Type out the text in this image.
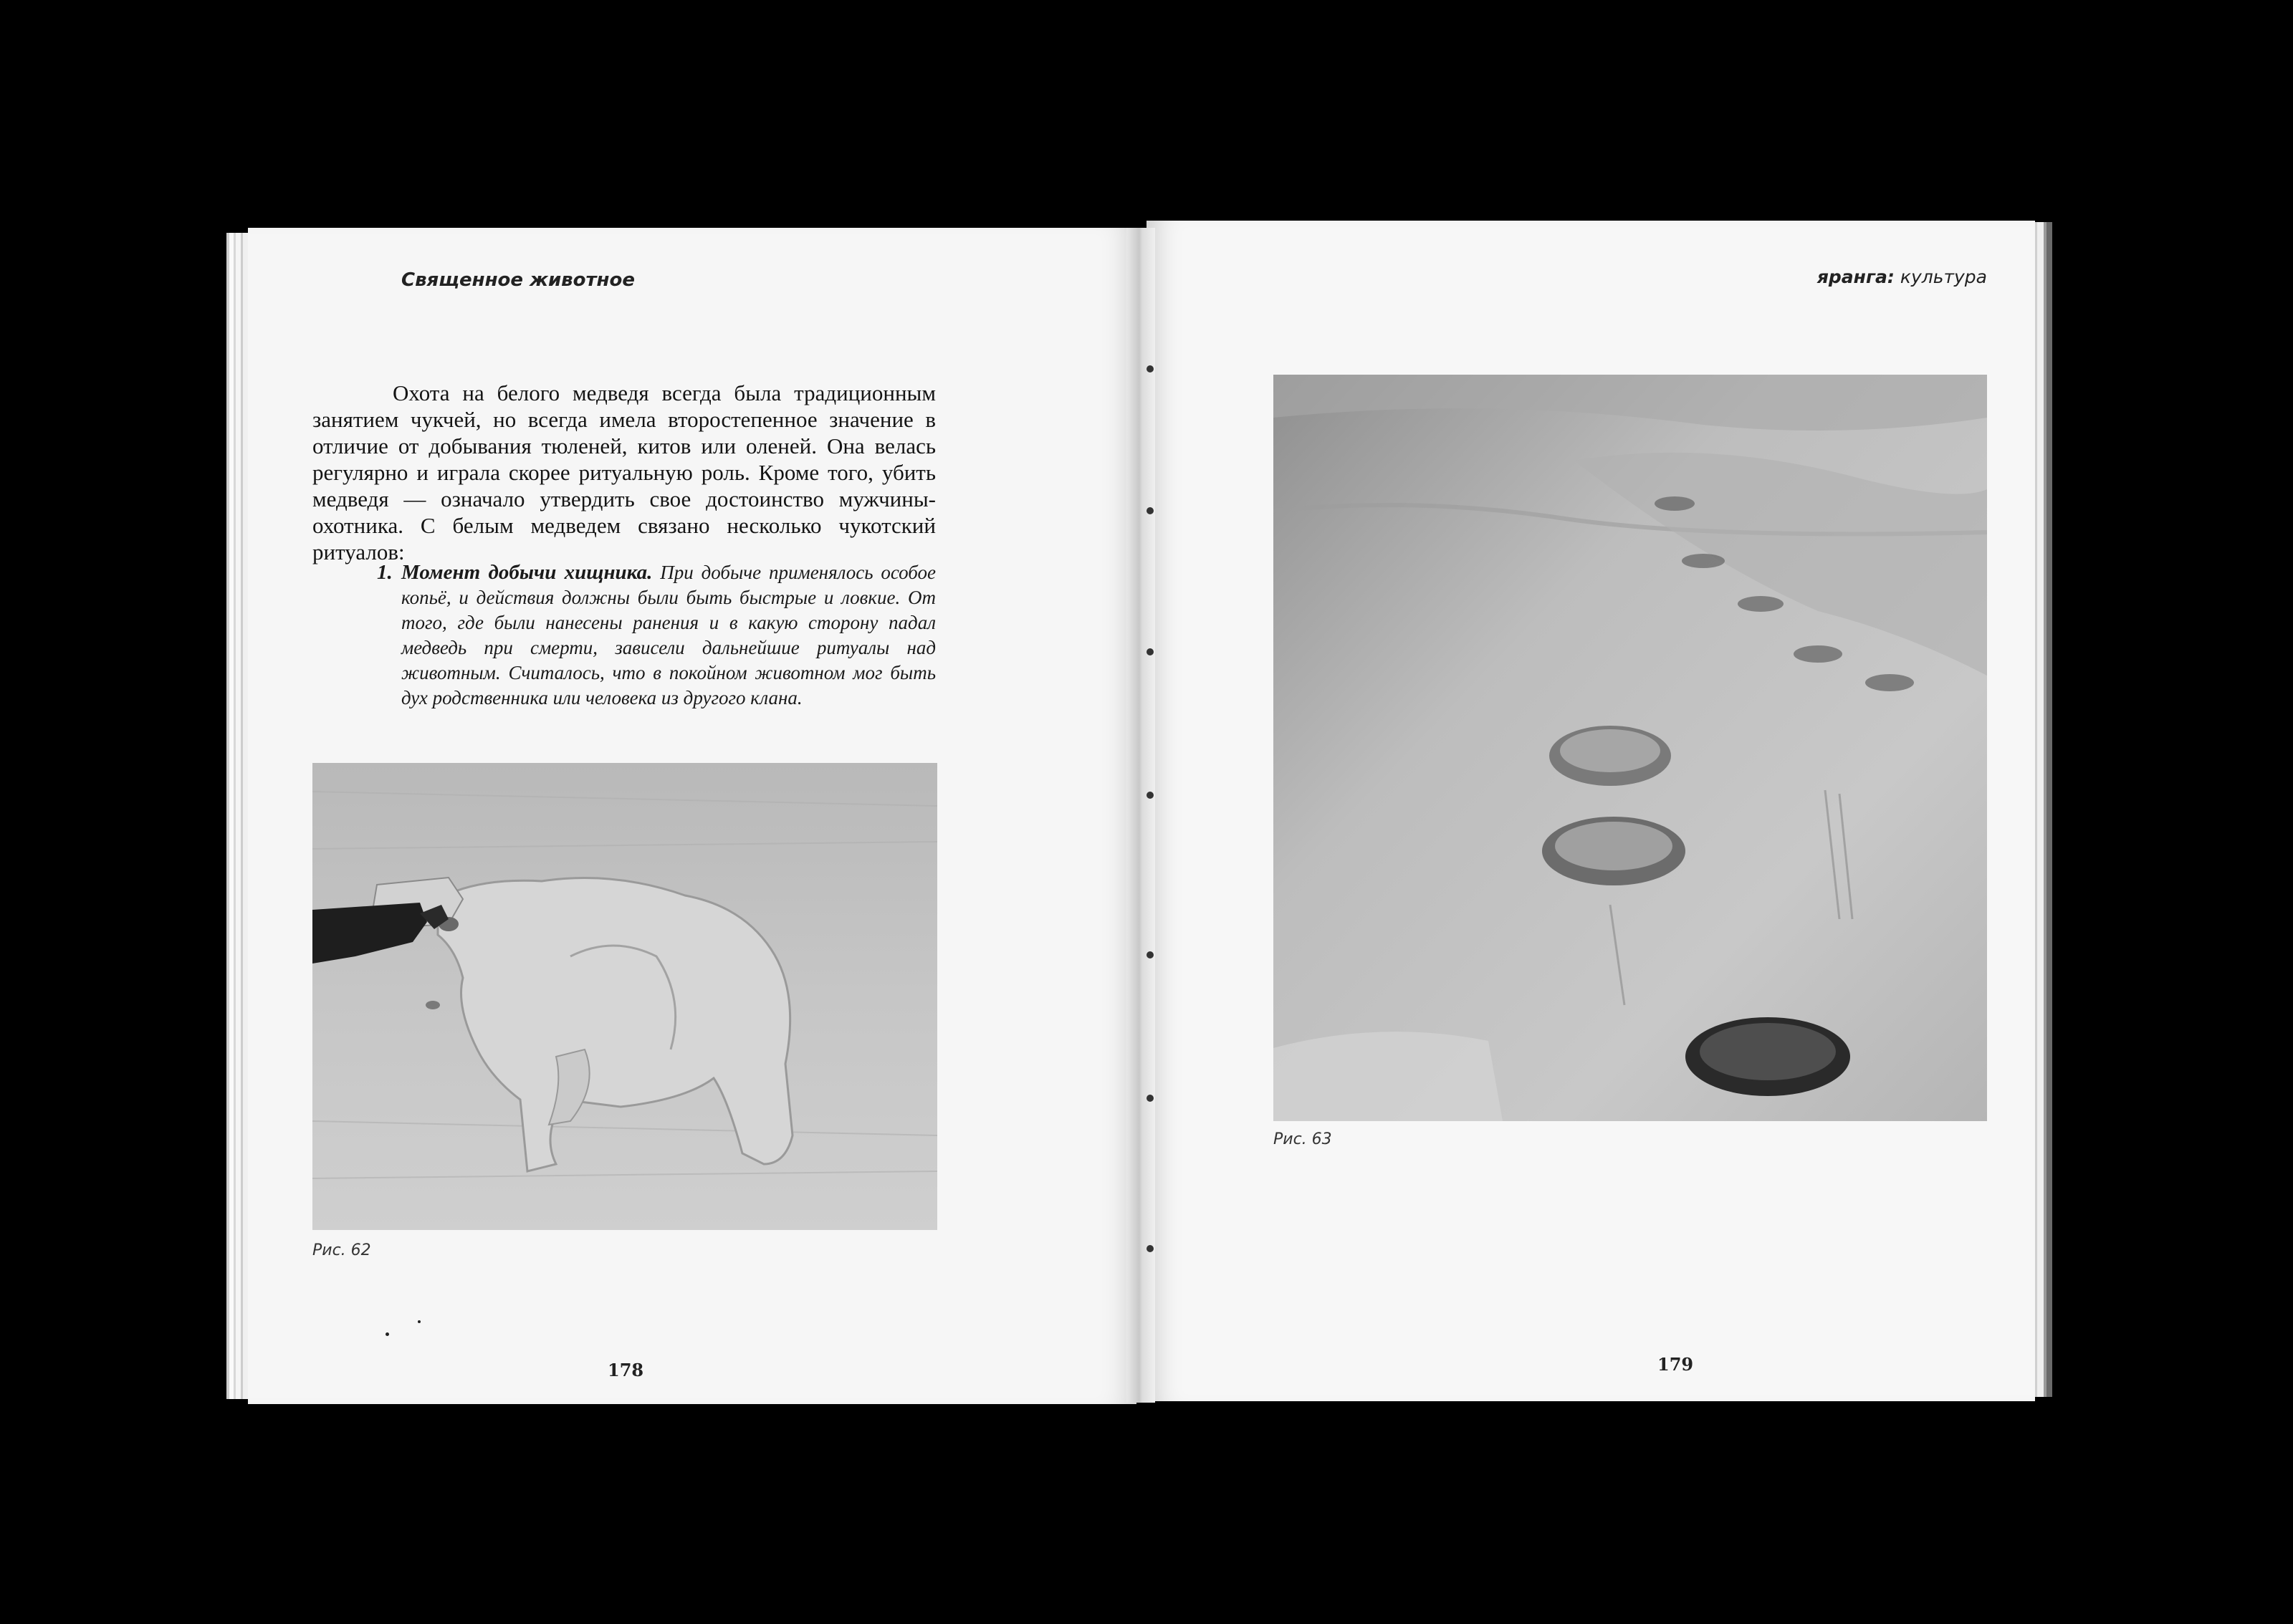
Священное животное

Охота на белого медведя всегда была традиционным занятием чукчей, но всегда имела второстепенное значение в отличие от добывания тюленей, китов или оленей. Она велась регулярно и играла скорее ритуальную роль. Кроме того, убить медведя — означало утвердить свое достоинство мужчины-охотника. С белым медведем связано несколько чукотский ритуалов:

1. Момент добычи хищника. При добыче применялось особое копьё, и действия должны были быть быстрые и ловкие. От того, где были нанесены ранения и в какую сторону падал медведь при смерти, зависели дальнейшие ритуалы над животным. Считалось, что в покойном животном мог быть дух родственника или человека из другого клана.
Рис. 62
178
яранга: культура
Рис. 63
179
